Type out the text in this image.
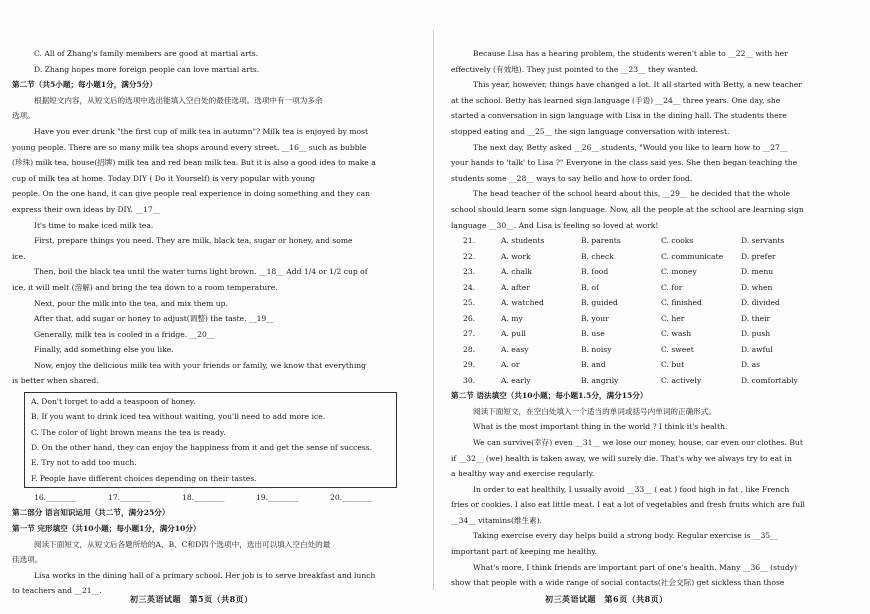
C. All of Zhang's family members are good at martial arts.
D. Zhang hopes more foreign people can love martial arts.
第二节（共5小题；每小题1分，满分5分）
根据短文内容，从短文后的选项中选出能填入空白处的最佳选项。选项中有一项为多余
选项。
Have you ever drunk "the first cup of milk tea in autumn"? Milk tea is enjoyed by most
young people. There are so many milk tea shops around every street. __16__ such as bubble
(珍珠) milk tea, house(招牌) milk tea and red bean milk tea. But it is also a good idea to make a
cup of milk tea at home. Today DIY ( Do it Yourself) is very popular with young
people. On the one hand, it can give people real experience in doing something and they can
express their own ideas by DIY. __17__
It's time to make iced milk tea.
First, prepare things you need. They are milk, black tea, sugar or honey, and some
ice.
Then, boil the black tea until the water turns light brown. __18__ Add 1/4 or 1/2 cup of
ice, it will melt (溶解) and bring the tea down to a room temperature.
Next, pour the milk into the tea, and mix them up.
After that, add sugar or honey to adjust(调整) the taste. __19__
Generally, milk tea is cooled in a fridge. __20__
Finally, add something else you like.
Now, enjoy the delicious milk tea with your friends or family, we know that everything
is better when shared.
A. Don't forget to add a teaspoon of honey.
B. If you want to drink iced tea without waiting, you'll need to add more ice.
C. The color of light brown means the tea is ready.
D. On the other hand, they can enjoy the happiness from it and get the sense of success.
E. Try not to add too much.
F. People have different choices depending on their tastes.
16.________	17.________	18.________	19.________	20.________
第二部分 语言知识运用（共二节，满分25分）
第一节 完形填空（共10小题；每小题1分，满分10分）
阅读下面短文，从短文后各题所给的A、B、C和D四个选项中，选出可以填入空白处的最
佳选项。
Lisa works in the dining hall of a primary school. Her job is to serve breakfast and lunch
to teachers and __21__.
初三英语试题　第5页（共8页）
Because Lisa has a hearing problem, the students weren't able to __22__ with her
effectively (有效地). They just pointed to the __23__ they wanted.
This year, however, things have changed a lot. It all started with Betty, a new teacher
at the school. Betty has learned sign language (手语) __24__ three years. One day, she
started a conversation in sign language with Lisa in the dining hall. The students there
stopped eating and __25__ the sign language conversation with interest.
The next day, Betty asked __26__ students, "Would you like to learn how to __27__
your hands to 'talk' to Lisa ?" Everyone in the class said yes. She then began teaching the
students some __28__ ways to say hello and how to order food.
The head teacher of the school heard about this, __29__ he decided that the whole
school should learn some sign language. Now, all the people at the school are learning sign
language __30__. And Lisa is feeling so loved at work!
21.	A. students	B. parents	C. cooks	D. servants
22.	A. work	B. check	C. communicate	D. prefer
23.	A. chalk	B. food	C. money	D. menu
24.	A. after	B. of	C. for	D. when
25.	A. watched	B. guided	C. finished	D. divided
26.	A. my	B. your	C. her	D. their
27.	A. pull	B. use	C. wash	D. push
28.	A. easy	B. noisy	C. sweet	D. awful
29.	A. or	B. and	C. but	D. as
30.	A. early	B. angrily	C. actively	D. comfortably
第二节 语法填空（共10小题；每小题1.5分，满分15分）
阅读下面短文，在空白处填入一个适当的单词或括号内单词的正确形式。
What is the most important thing in the world ? I think it's health.
We can survive(幸存) even __31__ we lose our money, house, car even our clothes. But
if __32__ (we) health is taken away, we will surely die. That's why we always try to eat in
a healthy way and exercise regularly.
In order to eat healthily, I usually avoid __33__ ( eat ) food high in fat , like French
fries or cookies. I also eat little meat. I eat a lot of vegetables and fresh fruits which are full
__34__ vitamins(维生素).
Taking exercise every day helps build a strong body. Regular exercise is __35__
important part of keeping me healthy.
What's more, I think friends are important part of one's health. Many __36__ (study)
show that people with a wide range of social contacts(社会交际) get sickless than those
初三英语试题　第6页（共8页）
